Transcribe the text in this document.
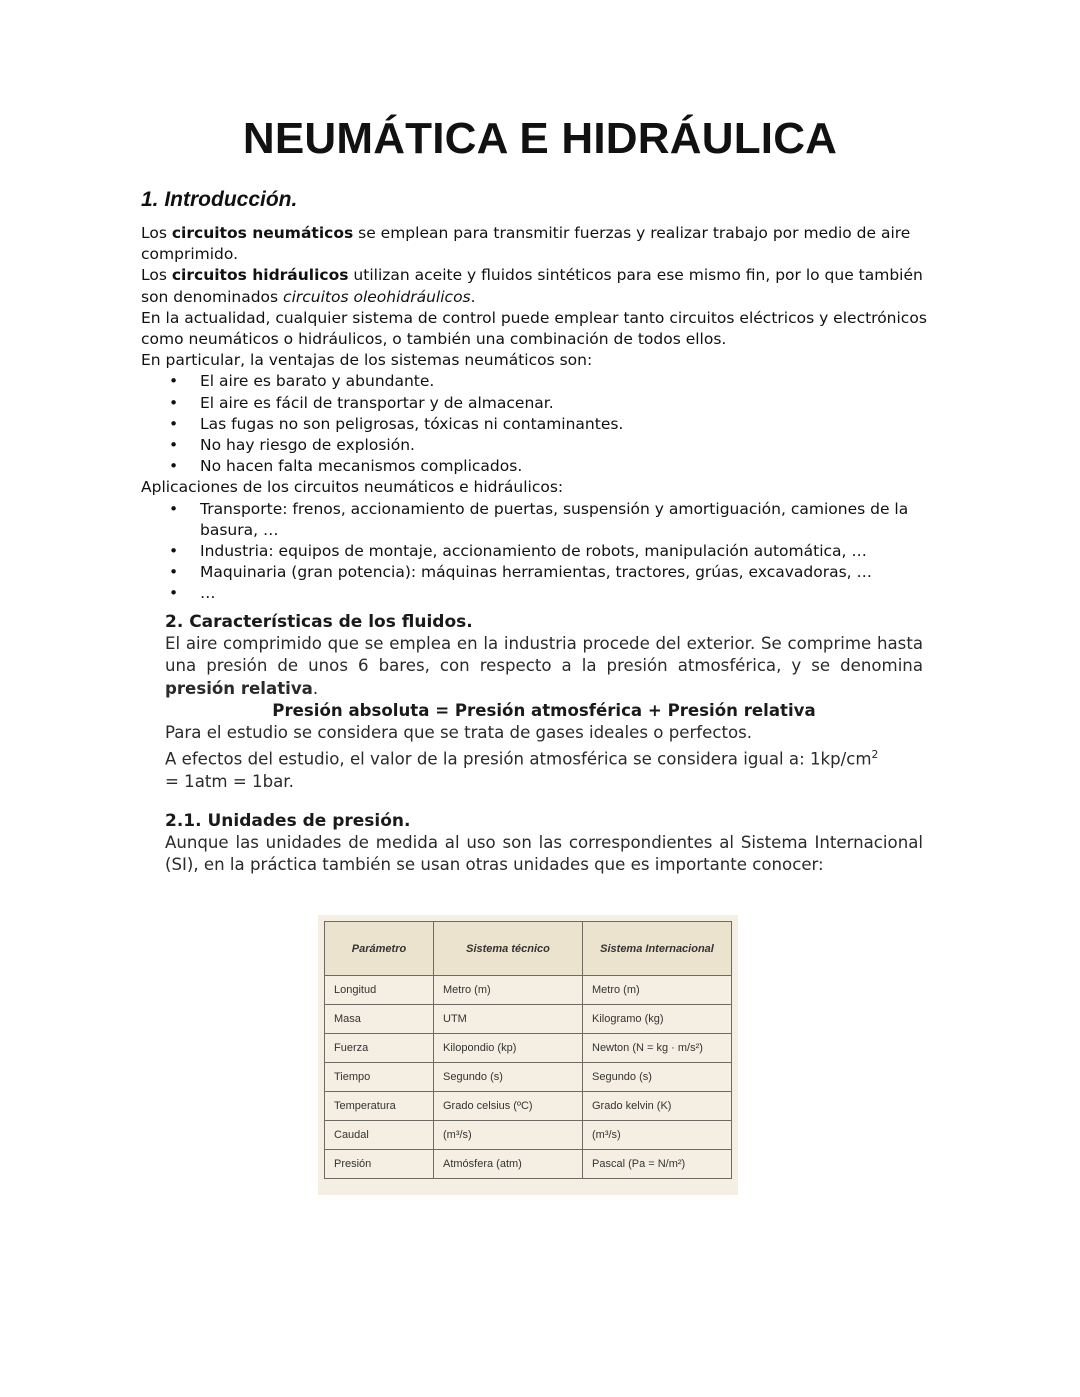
NEUMÁTICA E HIDRÁULICA
1. Introducción.

Los circuitos neumáticos se emplean para transmitir fuerzas y realizar trabajo por medio de aire comprimido.

Los circuitos hidráulicos utilizan aceite y fluidos sintéticos para ese mismo fin, por lo que también son denominados circuitos oleohidráulicos.

En la actualidad, cualquier sistema de control puede emplear tanto circuitos eléctricos y electrónicos como neumáticos o hidráulicos, o también una combinación de todos ellos.

En particular, la ventajas de los sistemas neumáticos son:

• El aire es barato y abundante.
• El aire es fácil de transportar y de almacenar.
• Las fugas no son peligrosas, tóxicas ni contaminantes.
• No hay riesgo de explosión.
• No hacen falta mecanismos complicados.

Aplicaciones de los circuitos neumáticos e hidráulicos:

• Transporte: frenos, accionamiento de puertas, suspensión y amortiguación, camiones de la basura, …
• Industria: equipos de montaje, accionamiento de robots, manipulación automática, …
• Maquinaria (gran potencia): máquinas herramientas, tractores, grúas, excavadoras, …
• …
2. Características de los fluidos.

El aire comprimido que se emplea en la industria procede del exterior. Se comprime hasta una presión de unos 6 bares, con respecto a la presión atmosférica, y se denomina presión relativa.

Presión absoluta = Presión atmosférica + Presión relativa

Para el estudio se considera que se trata de gases ideales o perfectos.

A efectos del estudio, el valor de la presión atmosférica se considera igual a: $1kp/cm^2$
= 1atm = 1bar.

2.1. Unidades de presión.

Aunque las unidades de medida al uso son las correspondientes al Sistema Internacional (SI), en la práctica también se usan otras unidades que es importante conocer:

Parámetro	Sistema técnico	Sistema Internacional
Longitud	Metro (m)	Metro (m)
Masa	UTM	Kilogramo (kg)
Fuerza	Kilopondio (kp)	Newton (N = kg · m/s²)
Tiempo	Segundo (s)	Segundo (s)
Temperatura	Grado celsius (ºC)	Grado kelvin (K)
Caudal	(m³/s)	(m³/s)
Presión	Atmósfera (atm)	Pascal (Pa = N/m²)
